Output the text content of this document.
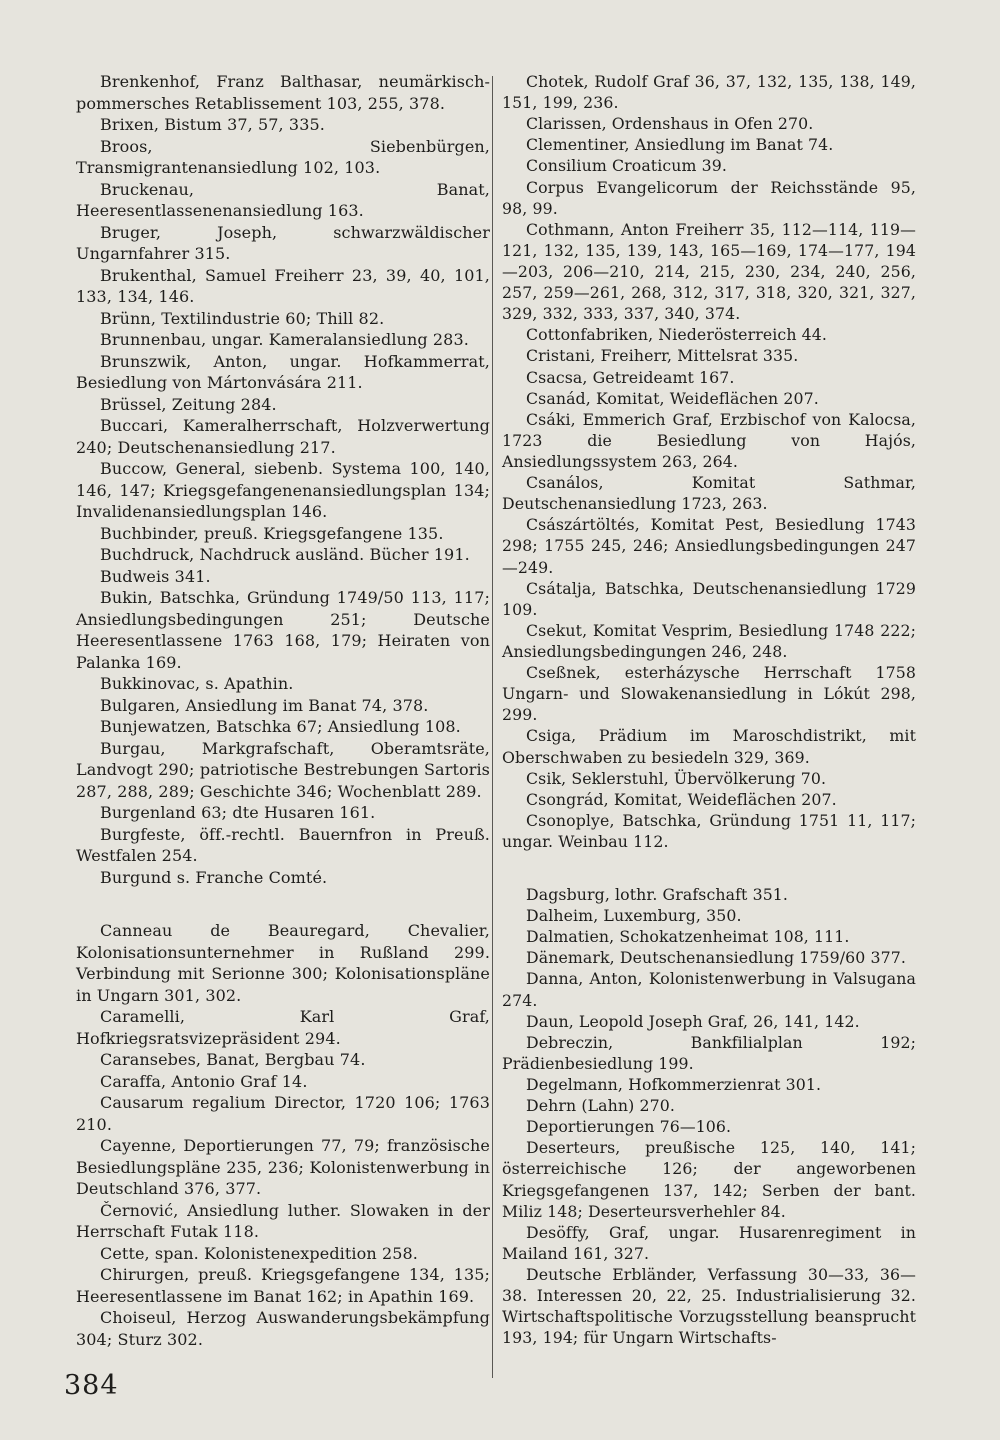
Brenkenhof, Franz Balthasar, neumärkisch-pommersches Retablissement 103, 255, 378.

Brixen, Bistum 37, 57, 335.

Broos, Siebenbürgen, Transmigrantenansiedlung 102, 103.

Bruckenau, Banat, Heeresentlassenenansiedlung 163.

Bruger, Joseph, schwarzwäldischer Ungarnfahrer 315.

Brukenthal, Samuel Freiherr 23, 39, 40, 101, 133, 134, 146.

Brünn, Textilindustrie 60; Thill 82.

Brunnenbau, ungar. Kameralansiedlung 283.

Brunszwik, Anton, ungar. Hofkammerrat, Besiedlung von Mártonvására 211.

Brüssel, Zeitung 284.

Buccari, Kameralherrschaft, Holzverwertung 240; Deutschenansiedlung 217.

Buccow, General, siebenb. Systema 100, 140, 146, 147; Kriegsgefangenenansiedlungsplan 134; Invalidenansiedlungsplan 146.

Buchbinder, preuß. Kriegsgefangene 135.

Buchdruck, Nachdruck ausländ. Bücher 191.

Budweis 341.

Bukin, Batschka, Gründung 1749/50 113, 117; Ansiedlungsbedingungen 251; Deutsche Heeresentlassene 1763 168, 179; Heiraten von Palanka 169.

Bukkinovac, s. Apathin.

Bulgaren, Ansiedlung im Banat 74, 378.

Bunjewatzen, Batschka 67; Ansiedlung 108.

Burgau, Markgrafschaft, Oberamtsräte, Landvogt 290; patriotische Bestrebungen Sartoris 287, 288, 289; Geschichte 346; Wochenblatt 289.

Burgenland 63; dte Husaren 161.

Burgfeste, öff.-rechtl. Bauernfron in Preuß. Westfalen 254.

Burgund s. Franche Comté.

Canneau de Beauregard, Chevalier, Kolonisationsunternehmer in Rußland 299. Verbindung mit Serionne 300; Kolonisationspläne in Ungarn 301, 302.

Caramelli, Karl Graf, Hofkriegsratsvizepräsident 294.

Caransebes, Banat, Bergbau 74.

Caraffa, Antonio Graf 14.

Causarum regalium Director, 1720 106; 1763 210.

Cayenne, Deportierungen 77, 79; französische Besiedlungspläne 235, 236; Kolonistenwerbung in Deutschland 376, 377.

Černović, Ansiedlung luther. Slowaken in der Herrschaft Futak 118.

Cette, span. Kolonistenexpedition 258.

Chirurgen, preuß. Kriegsgefangene 134, 135; Heeresentlassene im Banat 162; in Apathin 169.

Choiseul, Herzog Auswanderungsbekämpfung 304; Sturz 302.

Chotek, Rudolf Graf 36, 37, 132, 135, 138, 149, 151, 199, 236.

Clarissen, Ordenshaus in Ofen 270.

Clementiner, Ansiedlung im Banat 74.

Consilium Croaticum 39.

Corpus Evangelicorum der Reichsstände 95, 98, 99.

Cothmann, Anton Freiherr 35, 112—114, 119—121, 132, 135, 139, 143, 165—169, 174—177, 194—203, 206—210, 214, 215, 230, 234, 240, 256, 257, 259—261, 268, 312, 317, 318, 320, 321, 327, 329, 332, 333, 337, 340, 374.

Cottonfabriken, Niederösterreich 44.

Cristani, Freiherr, Mittelsrat 335.

Csacsa, Getreideamt 167.

Csanád, Komitat, Weideflächen 207.

Csáki, Emmerich Graf, Erzbischof von Kalocsa, 1723 die Besiedlung von Hajós, Ansiedlungssystem 263, 264.

Csanálos, Komitat Sathmar, Deutschenansiedlung 1723, 263.

Császártöltés, Komitat Pest, Besiedlung 1743 298; 1755 245, 246; Ansiedlungsbedingungen 247—249.

Csátalja, Batschka, Deutschenansiedlung 1729 109.

Csekut, Komitat Vesprim, Besiedlung 1748 222; Ansiedlungsbedingungen 246, 248.

Cseßnek, esterházysche Herrschaft 1758 Ungarn- und Slowakenansiedlung in Lókút 298, 299.

Csiga, Prädium im Maroschdistrikt, mit Oberschwaben zu besiedeln 329, 369.

Csik, Seklerstuhl, Übervölkerung 70.

Csongrád, Komitat, Weideflächen 207.

Csonoplye, Batschka, Gründung 1751 11, 117; ungar. Weinbau 112.

Dagsburg, lothr. Grafschaft 351.

Dalheim, Luxemburg, 350.

Dalmatien, Schokatzenheimat 108, 111.

Dänemark, Deutschenansiedlung 1759/60 377.

Danna, Anton, Kolonistenwerbung in Valsugana 274.

Daun, Leopold Joseph Graf, 26, 141, 142.

Debreczin, Bankfilialplan 192; Prädienbesiedlung 199.

Degelmann, Hofkommerzienrat 301.

Dehrn (Lahn) 270.

Deportierungen 76—106.

Deserteurs, preußische 125, 140, 141; österreichische 126; der angeworbenen Kriegsgefangenen 137, 142; Serben der bant. Miliz 148; Deserteursverhehler 84.

Desöffy, Graf, ungar. Husarenregiment in Mailand 161, 327.

Deutsche Erbländer, Verfassung 30—33, 36—38. Interessen 20, 22, 25. Industrialisierung 32. Wirtschaftspolitische Vorzugsstellung beansprucht 193, 194; für Ungarn Wirtschafts-

384
